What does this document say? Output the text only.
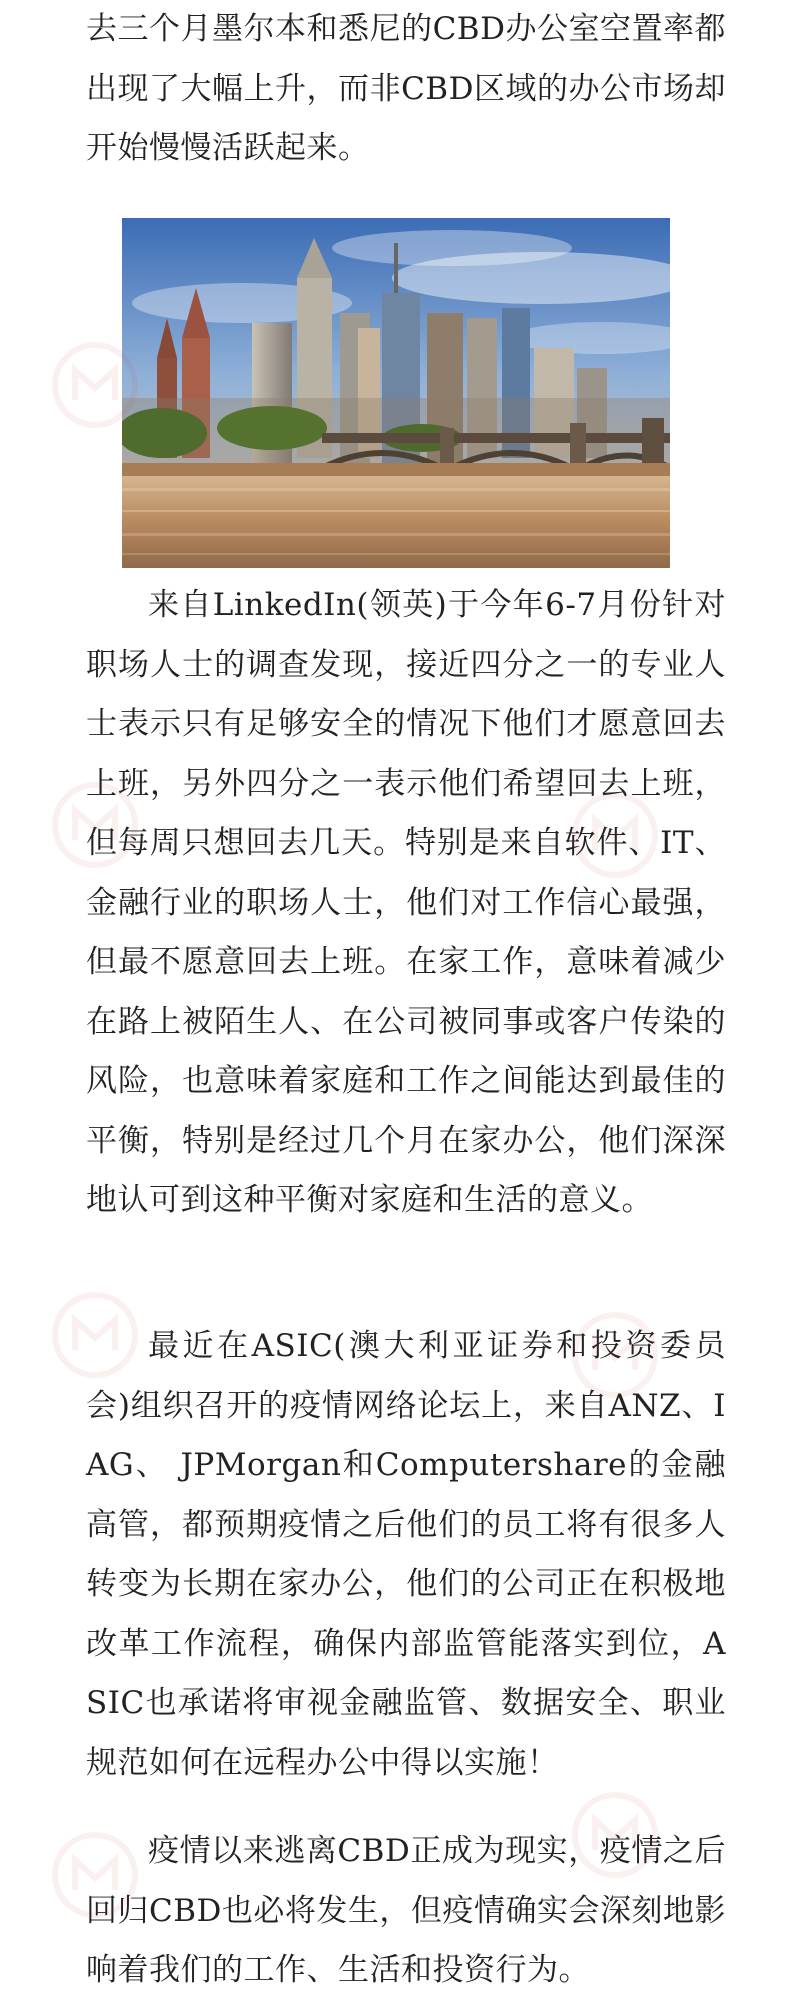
去三个月墨尔本和悉尼的CBD办公室空置率都出现了大幅上升，而非CBD区域的办公市场却开始慢慢活跃起来。

来自LinkedIn(领英)于今年6-7月份针对职场人士的调查发现，接近四分之一的专业人士表示只有足够安全的情况下他们才愿意回去上班，另外四分之一表示他们希望回去上班，但每周只想回去几天。特别是来自软件、IT、金融行业的职场人士，他们对工作信心最强，但最不愿意回去上班。在家工作，意味着减少在路上被陌生人、在公司被同事或客户传染的风险，也意味着家庭和工作之间能达到最佳的平衡，特别是经过几个月在家办公，他们深深地认可到这种平衡对家庭和生活的意义。

最近在ASIC(澳大利亚证券和投资委员会)组织召开的疫情网络论坛上，来自ANZ、IAG、 JPMorgan和Computershare的金融高管，都预期疫情之后他们的员工将有很多人转变为长期在家办公，他们的公司正在积极地改革工作流程，确保内部监管能落实到位，ASIC也承诺将审视金融监管、数据安全、职业规范如何在远程办公中得以实施！

疫情以来逃离CBD正成为现实，疫情之后回归CBD也必将发生，但疫情确实会深刻地影响着我们的工作、生活和投资行为。
